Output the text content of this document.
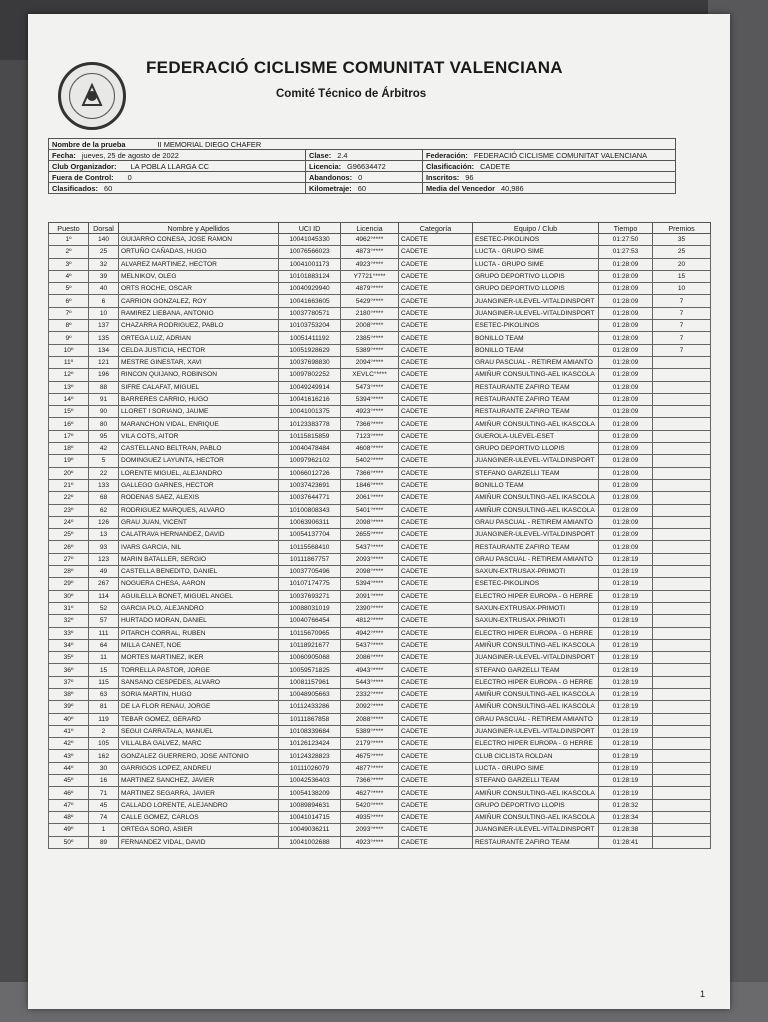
FEDERACIÓ CICLISME COMUNITAT VALENCIANA
Comité Técnico de Árbitros
Nombre de la prueba II MEMORIAL DIEGO CHAFER		
Fecha: jueves, 25 de agosto de 2022	Clase: 2.4	Federación: FEDERACIÓ CICLISME COMUNITAT VALENCIANA
Club Organizador: LA POBLA LLARGA CC	Licencia: G96634472	Clasificación: CADETE
Fuera de Control: 0	Abandonos: 0	Inscritos: 96
Clasificados: 60	Kilometraje: 60	Media del Vencedor 40,986
Puesto	Dorsal	Nombre y Apellidos	UCI ID	Licencia	Categoría	Equipo / Club	Tiempo	Premios
1º	140	GUIJARRO CONESA, JOSE RAMON	10041045330	4962°****	CADETE	ESETEC-PIKOLINOS	01:27:50	35
2º	25	ORTUÑO CAÑADAS, HUGO	10076566023	4873°****	CADETE	LUCTA - GRUPO SIME	01:27:53	25
3º	32	ALVAREZ MARTINEZ, HECTOR	10041001173	4923°****	CADETE	LUCTA - GRUPO SIME	01:28:09	20
4º	39	MELNIKOV, OLEG	10101883124	Y7721°****	CADETE	GRUPO DEPORTIVO LLOPIS	01:28:09	15
5º	40	ORTS ROCHE, OSCAR	10040929940	4879°****	CADETE	GRUPO DEPORTIVO LLOPIS	01:28:09	10
6º	6	CARRION GONZALEZ, ROY	10041663605	5429°****	CADETE	JUANGINER-ULEVEL-VITALDINSPORT	01:28:09	7
7º	10	RAMIREZ LIEBANA, ANTONIO	10037780571	2180°****	CADETE	JUANGINER-ULEVEL-VITALDINSPORT	01:28:09	7
8º	137	CHAZARRA RODRIGUEZ, PABLO	10103753204	2008°****	CADETE	ESETEC-PIKOLINOS	01:28:09	7
9º	135	ORTEGA LUZ, ADRIAN	10051411192	2385°****	CADETE	BONILLO TEAM	01:28:09	7
10º	134	CELDA JUSTICIA, HECTOR	10051928629	5389°****	CADETE	BONILLO TEAM	01:28:09	7
11º	121	MESTRE GINESTAR, XAVI	10037698830	2094°****	CADETE	GRAU PASCUAL - RETIREM AMIANTO	01:28:09	
12º	196	RINCON QUIJANO, ROBINSON	10097802252	XEVLC°****	CADETE	AMIÑUR CONSULTING-AEL IKASCOLA	01:28:09	
13º	88	SIFRE CALAFAT, MIGUEL	10049249914	5473°****	CADETE	RESTAURANTE ZAFIRO TEAM	01:28:09	
14º	91	BARRERES CARRIO, HUGO	10041616216	5394°****	CADETE	RESTAURANTE ZAFIRO TEAM	01:28:09	
15º	90	LLORET I SORIANO, JAUME	10041001375	4923°****	CADETE	RESTAURANTE ZAFIRO TEAM	01:28:09	
16º	80	MARANCHON VIDAL, ENRIQUE	10123383778	7366°****	CADETE	AMIÑUR CONSULTING-AEL IKASCOLA	01:28:09	
17º	95	VILA COTS, AITOR	10115815859	7123°****	CADETE	GUEROLA-ULEVEL-ESET	01:28:09	
18º	42	CASTELLANO BELTRAN, PABLO	10040478484	4608°****	CADETE	GRUPO DEPORTIVO LLOPIS	01:28:09	
19º	5	DOMINGUEZ LAYUNTA, HECTOR	10097962102	5402°****	CADETE	JUANGINER-ULEVEL-VITALDINSPORT	01:28:09	
20º	22	LORENTE MIGUEL, ALEJANDRO	10066012726	7366°****	CADETE	STEFANO GARZELLI TEAM	01:28:09	
21º	133	GALLEGO GARNES, HECTOR	10037423691	1846°****	CADETE	BONILLO TEAM	01:28:09	
22º	68	RODENAS SAEZ, ALEXIS	10037644771	2061°****	CADETE	AMIÑUR CONSULTING-AEL IKASCOLA	01:28:09	
23º	62	RODRIGUEZ MARQUES, ALVARO	10100808343	5401°****	CADETE	AMIÑUR CONSULTING-AEL IKASCOLA	01:28:09	
24º	126	GRAU JUAN, VICENT	10063906311	2098°****	CADETE	GRAU PASCUAL - RETIREM AMIANTO	01:28:09	
25º	13	CALATRAVA HERNANDEZ, DAVID	10054137704	2655°****	CADETE	JUANGINER-ULEVEL-VITALDINSPORT	01:28:09	
26º	93	IVARS GARCIA, NIL	10115568410	5437°****	CADETE	RESTAURANTE ZAFIRO TEAM	01:28:09	
27º	123	MARIN BATALLER, SERGIO	10111867757	2093°****	CADETE	GRAU PASCUAL - RETIREM AMIANTO	01:28:19	
28º	49	CASTELLA BENEDITO, DANIEL	10037705496	2098°****	CADETE	SAXUN-EXTRUSAX-PRIMOTI	01:28:19	
29º	267	NOGUERA CHESA, AARON	10107174775	5394°****	CADETE	ESETEC-PIKOLINOS	01:28:19	
30º	114	AGUILELLA BONET, MIGUEL ANGEL	10037693271	2091°****	CADETE	ELECTRO HIPER EUROPA - G HERRE	01:28:19	
31º	52	GARCIA PLO, ALEJANDRO	10088031019	2390°****	CADETE	SAXUN-EXTRUSAX-PRIMOTI	01:28:19	
32º	57	HURTADO MORAN, DANIEL	10040766454	4812°****	CADETE	SAXUN-EXTRUSAX-PRIMOTI	01:28:19	
33º	111	PITARCH CORRAL, RUBEN	10115670965	4942°****	CADETE	ELECTRO HIPER EUROPA - G HERRE	01:28:19	
34º	64	MILLA CANET, NOE	10118921677	5437°****	CADETE	AMIÑUR CONSULTING-AEL IKASCOLA	01:28:19	
35º	11	MORTES MARTINEZ, IKER	10060905068	2086°****	CADETE	JUANGINER-ULEVEL-VITALDINSPORT	01:28:19	
36º	15	TORRELLA PASTOR, JORGE	10059571825	4943°****	CADETE	STEFANO GARZELLI TEAM	01:28:19	
37º	115	SANSANO CESPEDES, ALVARO	10081157961	5443°****	CADETE	ELECTRO HIPER EUROPA - G HERRE	01:28:19	
38º	63	SORIA MARTIN, HUGO	10048905663	2332°****	CADETE	AMIÑUR CONSULTING-AEL IKASCOLA	01:28:19	
39º	81	DE LA FLOR RENAU, JORGE	10112433286	2092°****	CADETE	AMIÑUR CONSULTING-AEL IKASCOLA	01:28:19	
40º	119	TEBAR GOMEZ, GERARD	10111867858	2088°****	CADETE	GRAU PASCUAL - RETIREM AMIANTO	01:28:19	
41º	2	SEGUI CARRATALA, MANUEL	10108339684	5389°****	CADETE	JUANGINER-ULEVEL-VITALDINSPORT	01:28:19	
42º	105	VILLALBA GALVEZ, MARC	10126123424	2179°****	CADETE	ELECTRO HIPER EUROPA - G HERRE	01:28:19	
43º	162	GONZALEZ GUERRERO, JOSE ANTONIO	10124328823	4675°****	CADETE	CLUB CICLISTA ROLDAN	01:28:19	
44º	30	GARRIGOS LOPEZ, ANDREU	10111026079	4877°****	CADETE	LUCTA - GRUPO SIME	01:28:19	
45º	16	MARTINEZ SANCHEZ, JAVIER	10042536403	7366°****	CADETE	STEFANO GARZELLI TEAM	01:28:19	
46º	71	MARTINEZ SEGARRA, JAVIER	10054138209	4627°****	CADETE	AMIÑUR CONSULTING-AEL IKASCOLA	01:28:19	
47º	45	CALLADO LORENTE, ALEJANDRO	10089894631	5420°****	CADETE	GRUPO DEPORTIVO LLOPIS	01:28:32	
48º	74	CALLE GOMEZ, CARLOS	10041014715	4935°****	CADETE	AMIÑUR CONSULTING-AEL IKASCOLA	01:28:34	
49º	1	ORTEGA SORO, ASIER	10049036211	2093°****	CADETE	JUANGINER-ULEVEL-VITALDINSPORT	01:28:38	
50º	89	FERNANDEZ VIDAL, DAVID	10041002688	4923°****	CADETE	RESTAURANTE ZAFIRO TEAM	01:28:41	
1
